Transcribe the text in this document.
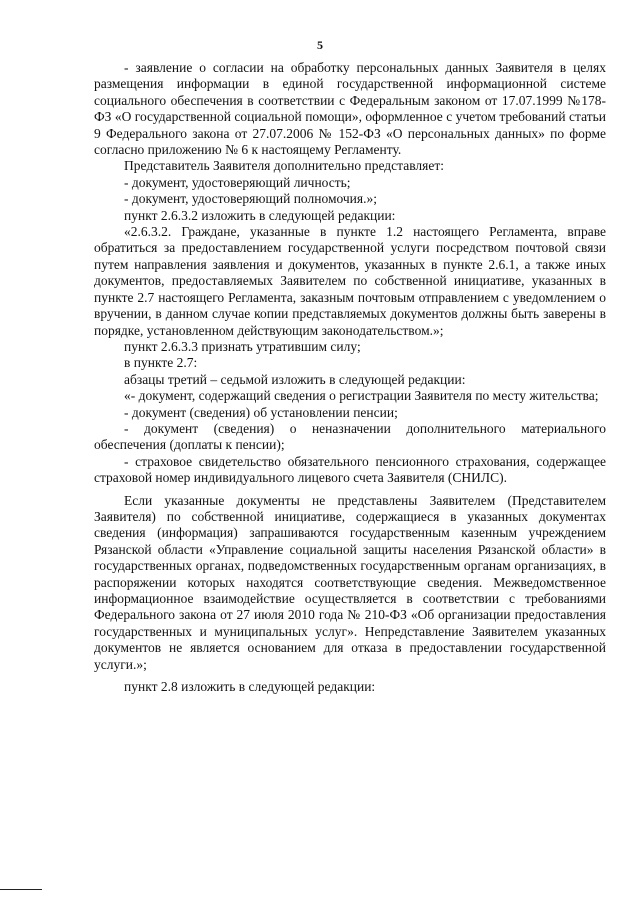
5

- заявление о согласии на обработку персональных данных Заявителя в целях размещения информации в единой государственной информационной системе социального обеспечения в соответствии с Федеральным законом от 17.07.1999 №178-ФЗ «О государственной социальной помощи», оформленное с учетом требований статьи 9 Федерального закона от 27.07.2006 № 152-ФЗ «О персональных данных» по форме согласно приложению № 6 к настоящему Регламенту.

Представитель Заявителя дополнительно представляет:

- документ, удостоверяющий личность;

- документ, удостоверяющий полномочия.»;

пункт 2.6.3.2 изложить в следующей редакции:

«2.6.3.2. Граждане, указанные в пункте 1.2 настоящего Регламента, вправе обратиться за предоставлением государственной услуги посредством почтовой связи путем направления заявления и документов, указанных в пункте 2.6.1, а также иных документов, предоставляемых Заявителем по собственной инициативе, указанных в пункте 2.7 настоящего Регламента, заказным почтовым отправлением с уведомлением о вручении, в данном случае копии представляемых документов должны быть заверены в порядке, установленном действующим законодательством.»;

пункт 2.6.3.3 признать утратившим силу;

в пункте 2.7:

абзацы третий – седьмой изложить в следующей редакции:

«- документ, содержащий сведения о регистрации Заявителя по месту жительства;

- документ (сведения) об установлении пенсии;

- документ (сведения) о неназначении дополнительного материального обеспечения (доплаты к пенсии);

- страховое свидетельство обязательного пенсионного страхования, содержащее страховой номер индивидуального лицевого счета Заявителя (СНИЛС).

Если указанные документы не представлены Заявителем (Представителем Заявителя) по собственной инициативе, содержащиеся в указанных документах сведения (информация) запрашиваются государственным казенным учреждением Рязанской области «Управление социальной защиты населения Рязанской области» в государственных органах, подведомственных государственным органам организациях, в распоряжении которых находятся соответствующие сведения. Межведомственное информационное взаимодействие осуществляется в соответствии с требованиями Федерального закона от 27 июля 2010 года № 210-ФЗ «Об организации предоставления государственных и муниципальных услуг». Непредставление Заявителем указанных документов не является основанием для отказа в предоставлении государственной услуги.»;

пункт 2.8 изложить в следующей редакции:
